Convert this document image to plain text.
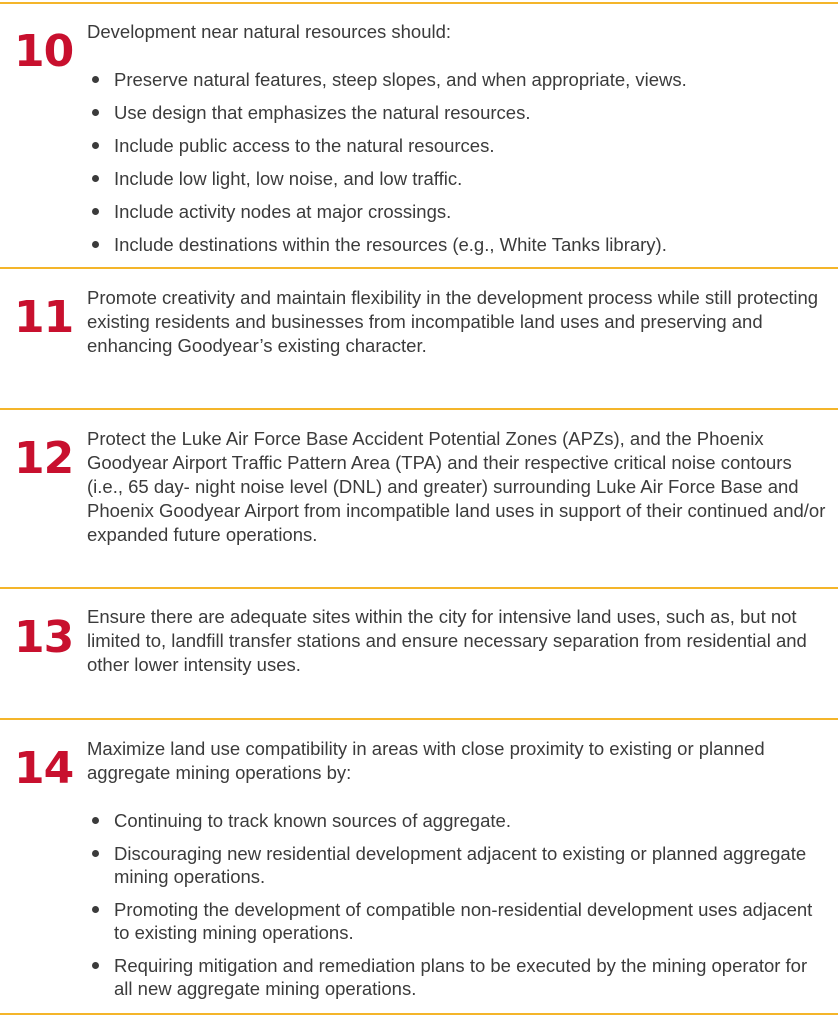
10 Development near natural resources should:

Preserve natural features, steep slopes, and when appropriate, views.
Use design that emphasizes the natural resources.
Include public access to the natural resources.
Include low light, low noise, and low traffic.
Include activity nodes at major crossings.
Include destinations within the resources (e.g., White Tanks library).
11 Promote creativity and maintain flexibility in the development process while still protecting existing residents and businesses from incompatible land uses and preserving and enhancing Goodyear’s existing character.

12 Protect the Luke Air Force Base Accident Potential Zones (APZs), and the Phoenix Goodyear Airport Traffic Pattern Area (TPA) and their respective critical noise contours (i.e., 65 day- night noise level (DNL) and greater) surrounding Luke Air Force Base and Phoenix Goodyear Airport from incompatible land uses in support of their continued and/or expanded future operations.

13 Ensure there are adequate sites within the city for intensive land uses, such as, but not limited to, landfill transfer stations and ensure necessary separation from residential and other lower intensity uses.

14 Maximize land use compatibility in areas with close proximity to existing or planned aggregate mining operations by:

Continuing to track known sources of aggregate.
Discouraging new residential development adjacent to existing or planned aggregate mining operations.
Promoting the development of compatible non-residential development uses adjacent to existing mining operations.
Requiring mitigation and remediation plans to be executed by the mining operator for all new aggregate mining operations.
